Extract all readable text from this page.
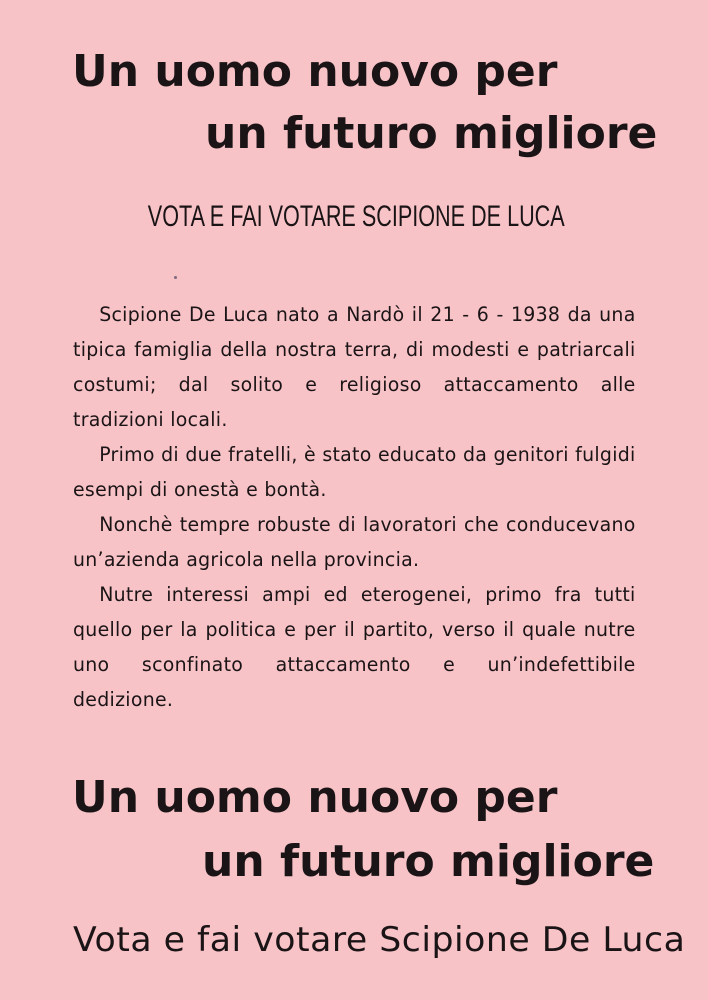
Un uomo nuovo per
un futuro migliore
VOTA E FAI VOTARE SCIPIONE DE LUCA

Scipione De Luca nato a Nardò il 21 - 6 - 1938 da una tipica famiglia della nostra terra, di modesti e patriarcali costumi; dal solito e religioso attaccamento alle tradizioni locali.

Primo di due fratelli, è stato educato da genitori fulgidi esempi di onestà e bontà.

Nonchè tempre robuste di lavoratori che conducevano un’azienda agricola nella provincia.

Nutre interessi ampi ed eterogenei, primo fra tutti quello per la politica e per il partito, verso il quale nutre uno sconfinato attaccamento e un’indefettibile dedizione.

Un uomo nuovo per
un futuro migliore
Vota e fai votare Scipione De Luca
